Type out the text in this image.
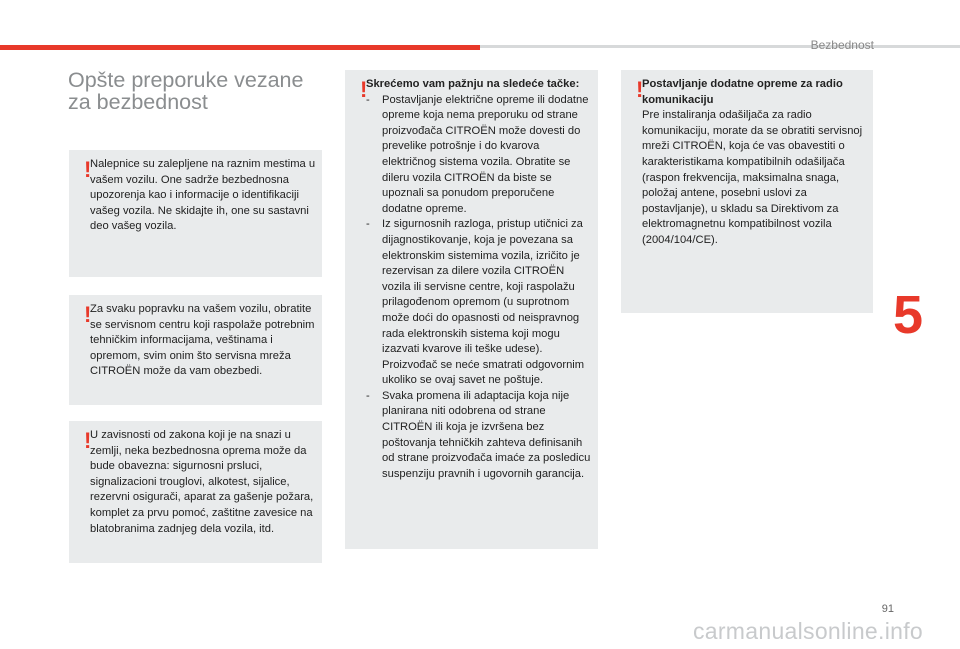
Bezbednost
Opšte preporuke vezane za bezbednost
!
Nalepnice su zalepljene na raznim mestima u vašem vozilu. One sadrže bezbednosna upozorenja kao i informacije o identifikaciji vašeg vozila. Ne skidajte ih, one su sastavni deo vašeg vozila.
!
Za svaku popravku na vašem vozilu, obratite se servisnom centru koji raspolaže potrebnim tehničkim informacijama, veštinama i opremom, svim onim što servisna mreža CITROËN može da vam obezbedi.
!
U zavisnosti od zakona koji je na snazi u zemlji, neka bezbednosna oprema može da bude obavezna: sigurnosni prsluci, signalizacioni trouglovi, alkotest, sijalice, rezervni osigurači, aparat za gašenje požara, komplet za prvu pomoć, zaštitne zavesice na blatobranima zadnjeg dela vozila, itd.
!
Skrećemo vam pažnju na sledeće tačke:
- Postavljanje električne opreme ili dodatne opreme koja nema preporuku od strane proizvođača CITROËN može dovesti do prevelike potrošnje i do kvarova električnog sistema vozila. Obratite se dileru vozila CITROËN da biste se upoznali sa ponudom preporučene dodatne opreme.
- Iz sigurnosnih razloga, pristup utičnici za dijagnostikovanje, koja je povezana sa elektronskim sistemima vozila, izričito je rezervisan za dilere vozila CITROËN vozila ili servisne centre, koji raspolažu prilagođenom opremom (u suprotnom može doći do opasnosti od neispravnog rada elektronskih sistema koji mogu izazvati kvarove ili teške udese). Proizvođač se neće smatrati odgovornim ukoliko se ovaj savet ne poštuje.
- Svaka promena ili adaptacija koja nije planirana niti odobrena od strane CITROËN ili koja je izvršena bez poštovanja tehničkih zahteva definisanih od strane proizvođača imaće za posledicu suspenziju pravnih i ugovornih garancija.
!
Postavljanje dodatne opreme za radio komunikaciju
Pre instaliranja odašiljača za radio komunikaciju, morate da se obratiti servisnoj mreži CITROËN, koja će vas obavestiti o karakteristikama kompatibilnih odašiljača (raspon frekvencija, maksimalna snaga, položaj antene, posebni uslovi za postavljanje), u skladu sa Direktivom za elektromagnetnu kompatibilnost vozila (2004/104/CE).
5
91
carmanualsonline.info
